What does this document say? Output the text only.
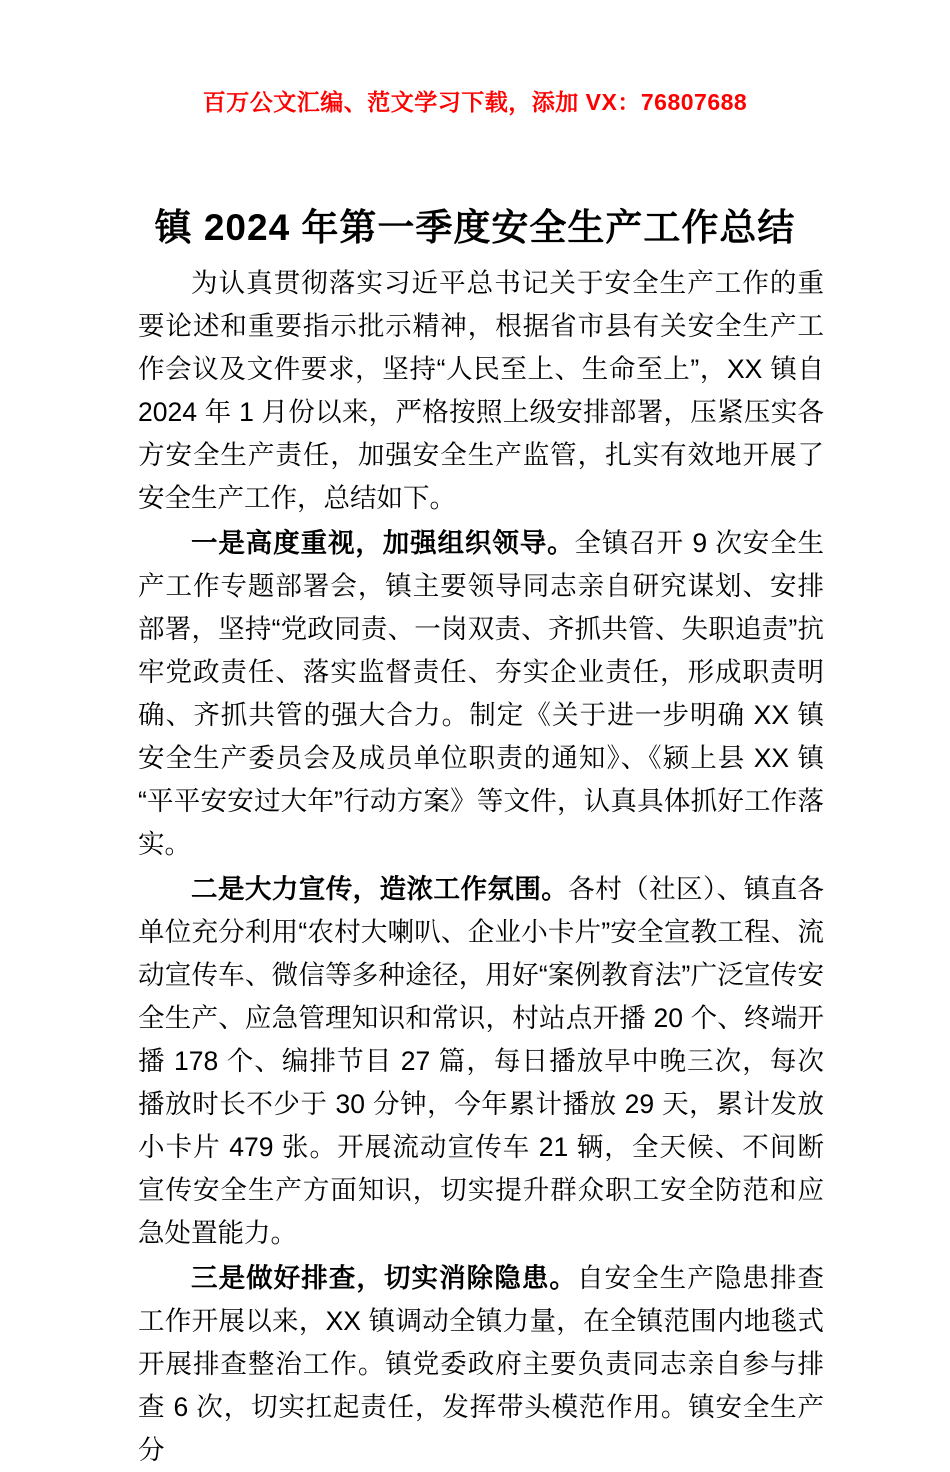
百万公文汇编、范文学习下载，添加 VX：76807688
镇 2024 年第一季度安全生产工作总结

为认真贯彻落实习近平总书记关于安全生产工作的重要论述和重要指示批示精神，根据省市县有关安全生产工作会议及文件要求，坚持“人民至上、生命至上”，XX 镇自 2024 年 1 月份以来，严格按照上级安排部署，压紧压实各方安全生产责任，加强安全生产监管，扎实有效地开展了安全生产工作，总结如下。

一是高度重视，加强组织领导。全镇召开 9 次安全生产工作专题部署会，镇主要领导同志亲自研究谋划、安排部署，坚持“党政同责、一岗双责、齐抓共管、失职追责”抗牢党政责任、落实监督责任、夯实企业责任，形成职责明确、齐抓共管的强大合力。制定《关于进一步明确 XX 镇安全生产委员会及成员单位职责的通知》、《颍上县 XX 镇“平平安安过大年”行动方案》等文件，认真具体抓好工作落实。

二是大力宣传，造浓工作氛围。各村（社区）、镇直各单位充分利用“农村大喇叭、企业小卡片”安全宣教工程、流动宣传车、微信等多种途径，用好“案例教育法”广泛宣传安全生产、应急管理知识和常识，村站点开播 20 个、终端开播 178 个、编排节目 27 篇，每日播放早中晚三次，每次播放时长不少于 30 分钟，今年累计播放 29 天，累计发放小卡片 479 张。开展流动宣传车 21 辆，全天候、不间断宣传安全生产方面知识，切实提升群众职工安全防范和应急处置能力。

三是做好排查，切实消除隐患。自安全生产隐患排查工作开展以来，XX 镇调动全镇力量，在全镇范围内地毯式开展排查整治工作。镇党委政府主要负责同志亲自参与排查 6 次，切实扛起责任，发挥带头模范作用。镇安全生产分
